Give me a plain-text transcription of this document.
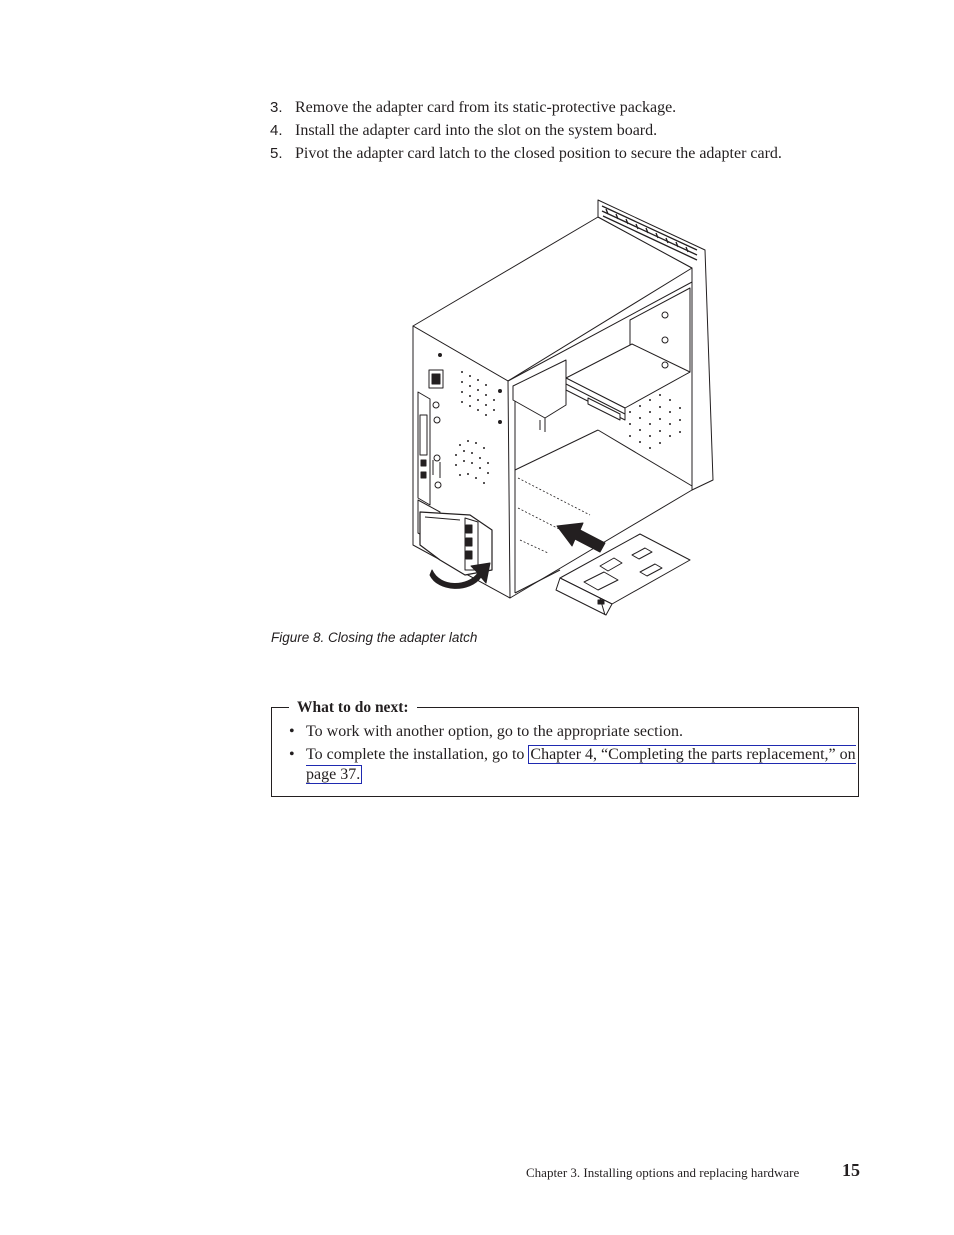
3. Remove the adapter card from its static-protective package.
4. Install the adapter card into the slot on the system board.
5. Pivot the adapter card latch to the closed position to secure the adapter card.
Figure 8. Closing the adapter latch
What to do next:
• To work with another option, go to the appropriate section.
• To complete the installation, go to Chapter 4, “Completing the parts replacement,” on page 37.
Chapter 3. Installing options and replacing hardware 15
